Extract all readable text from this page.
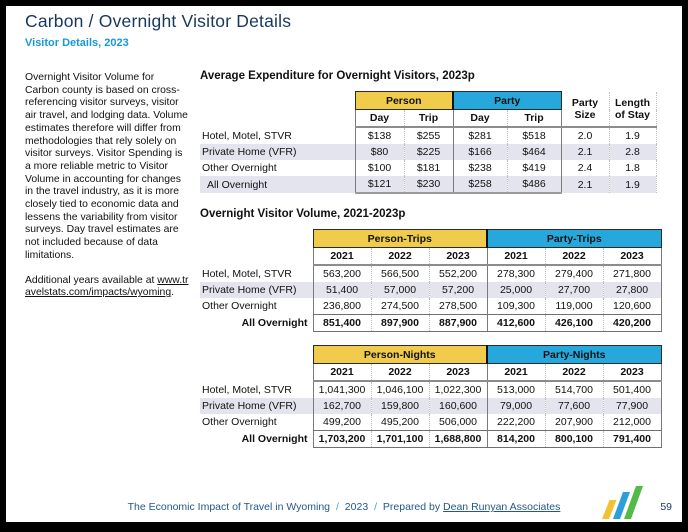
Carbon / Overnight Visitor Details
Visitor Details, 2023

Overnight Visitor Volume for Carbon county is based on cross-referencing visitor surveys, visitor air travel, and lodging data. Volume estimates therefore will differ from methodologies that rely solely on visitor surveys. Visitor Spending is a more reliable metric to Visitor Volume in accounting for changes in the travel industry, as it is more closely tied to economic data and lessens the variability from visitor surveys. Day travel estimates are not included because of data limitations.

Additional years available at www.travelstats.com/impacts/wyoming.

Average Expenditure for Overnight Visitors, 2023p
	Person		Party		Party Size	Length of Stay
	Day	Trip	Day	Trip		
Hotel, Motel, STVR	$138	$255	$281	$518	2.0	1.9
Private Home (VFR)	$80	$225	$166	$464	2.1	2.8
Other Overnight	$100	$181	$238	$419	2.4	1.8
All Overnight	$121	$230	$258	$486	2.1	1.9
Overnight Visitor Volume, 2021-2023p
	Person-Trips			Party-Trips		
	2021	2022	2023	2021	2022	2023
Hotel, Motel, STVR	563,200	566,500	552,200	278,300	279,400	271,800
Private Home (VFR)	51,400	57,000	57,200	25,000	27,700	27,800
Other Overnight	236,800	274,500	278,500	109,300	119,000	120,600
All Overnight	851,400	897,900	887,900	412,600	426,100	420,200
	Person-Nights			Party-Nights		
	2021	2022	2023	2021	2022	2023
Hotel, Motel, STVR	1,041,300	1,046,100	1,022,300	513,000	514,700	501,400
Private Home (VFR)	162,700	159,800	160,600	79,000	77,600	77,900
Other Overnight	499,200	495,200	506,000	222,200	207,900	212,000
All Overnight	1,703,200	1,701,100	1,688,800	814,200	800,100	791,400
The Economic Impact of Travel in Wyoming / 2023 / Prepared by Dean Runyan Associates	59
